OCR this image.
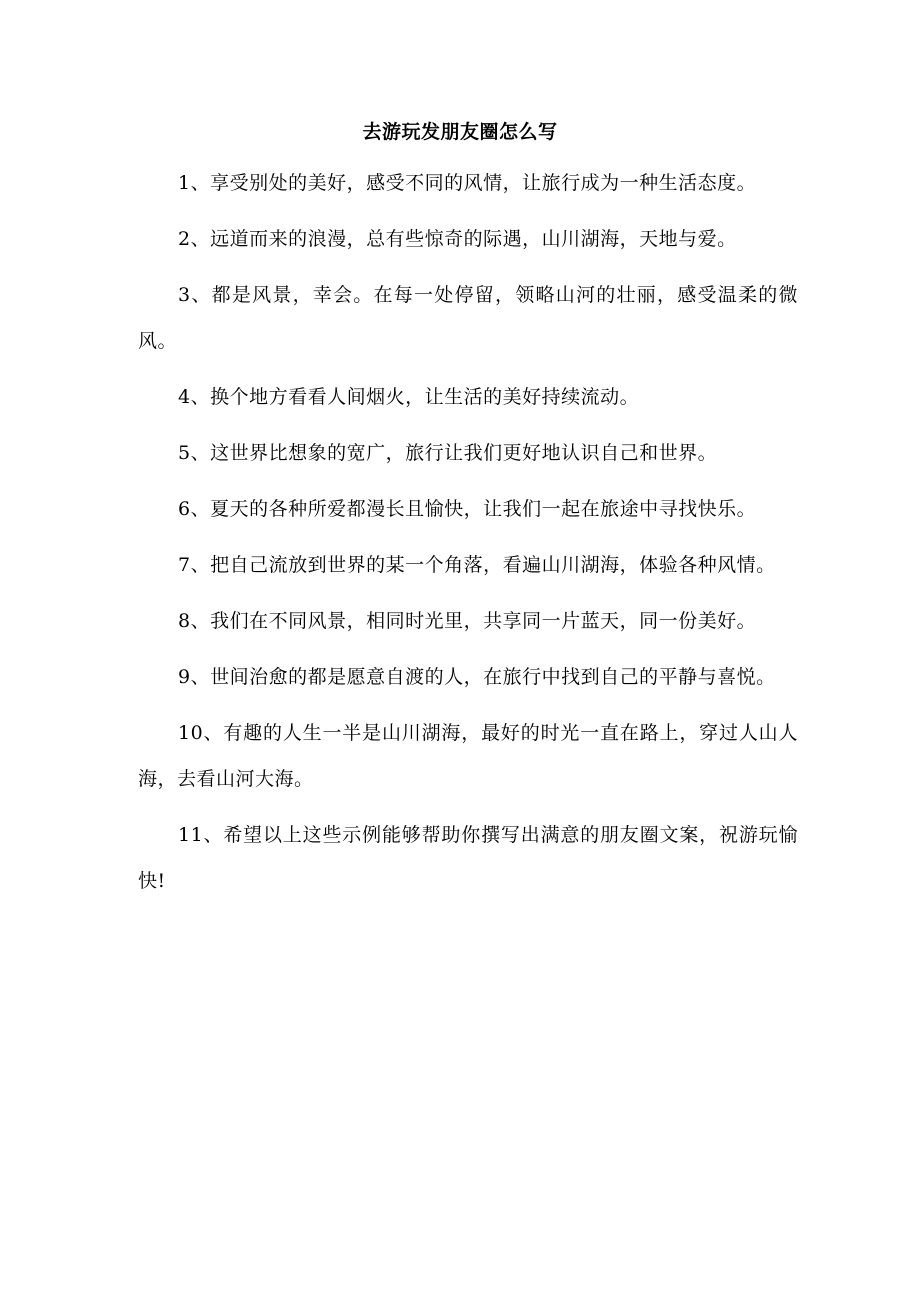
去游玩发朋友圈怎么写

1、享受别处的美好，感受不同的风情，让旅行成为一种生活态度。

2、远道而来的浪漫，总有些惊奇的际遇，山川湖海，天地与爱。

3、都是风景，幸会。在每一处停留，领略山河的壮丽，感受温柔的微风。

4、换个地方看看人间烟火，让生活的美好持续流动。

5、这世界比想象的宽广，旅行让我们更好地认识自己和世界。

6、夏天的各种所爱都漫长且愉快，让我们一起在旅途中寻找快乐。

7、把自己流放到世界的某一个角落，看遍山川湖海，体验各种风情。

8、我们在不同风景，相同时光里，共享同一片蓝天，同一份美好。

9、世间治愈的都是愿意自渡的人，在旅行中找到自己的平静与喜悦。

10、有趣的人生一半是山川湖海，最好的时光一直在路上，穿过人山人海，去看山河大海。

11、希望以上这些示例能够帮助你撰写出满意的朋友圈文案，祝游玩愉快!
